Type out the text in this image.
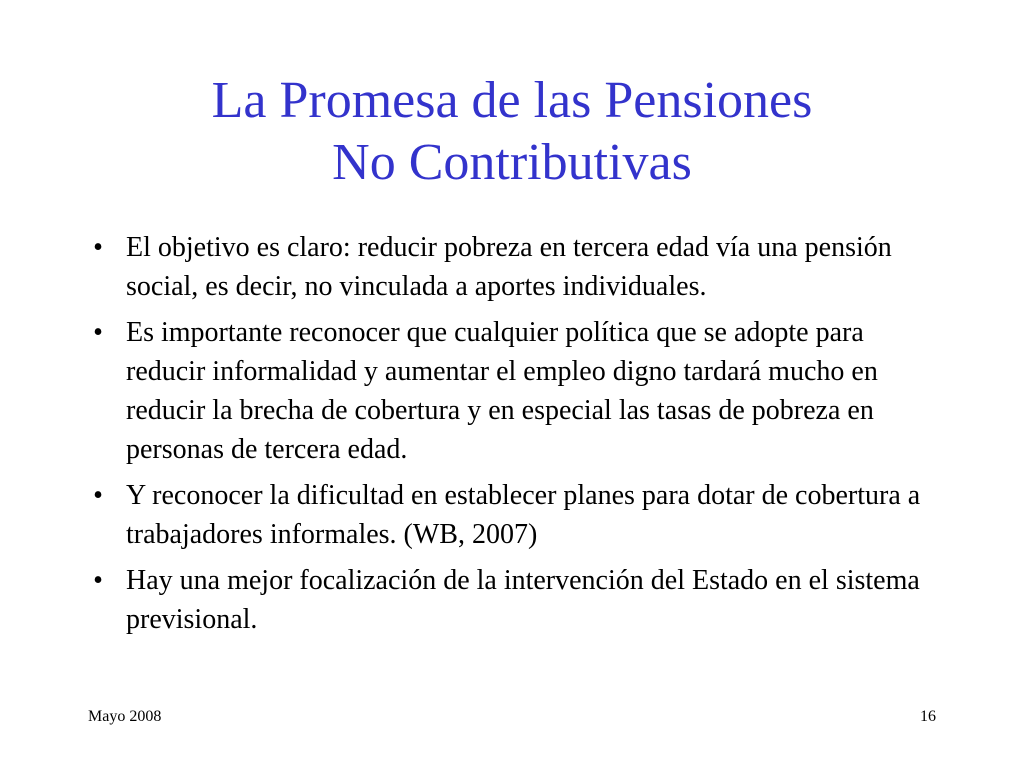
La Promesa de las Pensiones
No Contributivas
• El objetivo es claro: reducir pobreza en tercera edad vía una pensión social, es decir, no vinculada a aportes individuales.
• Es importante reconocer que cualquier política que se adopte para reducir informalidad y aumentar el empleo digno tardará mucho en reducir la brecha de cobertura y en especial las tasas de pobreza en personas de tercera edad.
• Y reconocer la dificultad en establecer planes para dotar de cobertura a trabajadores informales. (WB, 2007)
• Hay una mejor focalización de la intervención del Estado en el sistema previsional.
Mayo 2008	16
